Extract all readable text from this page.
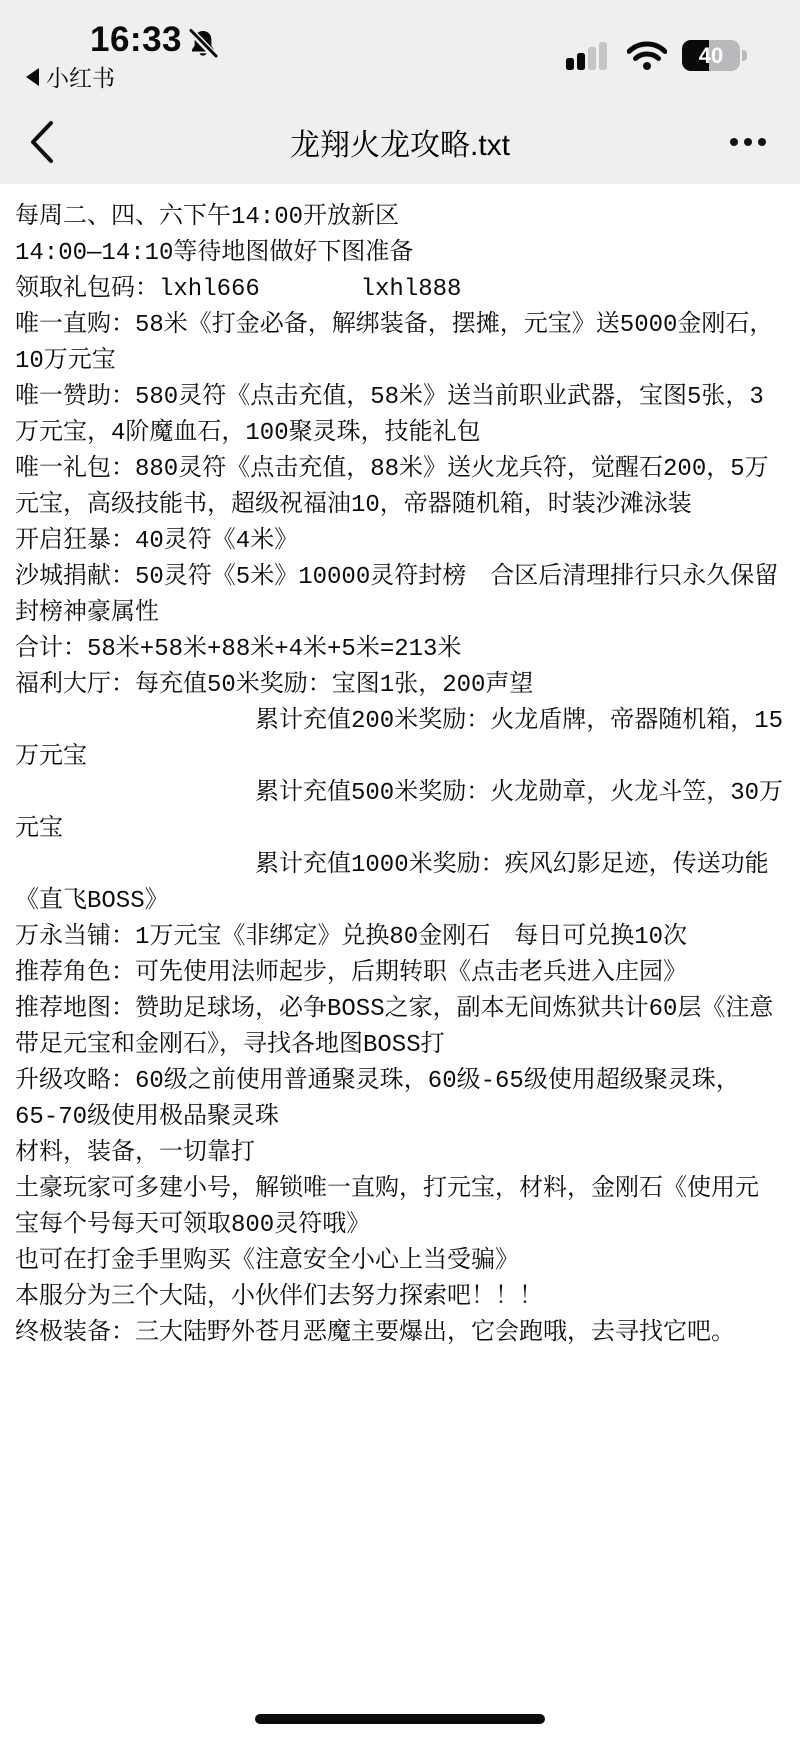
16:33
小红书
40
龙翔火龙攻略.txt
每周二、四、六下午14:00开放新区
14:00—14:10等待地图做好下图准备
领取礼包码：lxhl666       lxhl888
唯一直购：58米《打金必备，解绑装备，摆摊，元宝》送5000金刚石，
10万元宝
唯一赞助：580灵符《点击充值，58米》送当前职业武器，宝图5张，3
万元宝，4阶魔血石，100聚灵珠，技能礼包
唯一礼包：880灵符《点击充值，88米》送火龙兵符，觉醒石200，5万
元宝，高级技能书，超级祝福油10，帝器随机箱，时装沙滩泳装
开启狂暴：40灵符《4米》
沙城捐献：50灵符《5米》10000灵符封榜　合区后清理排行只永久保留
封榜神豪属性
合计：58米+58米+88米+4米+5米=213米
福利大厅：每充值50米奖励：宝图1张，200声望
　　　　　　　　　　累计充值200米奖励：火龙盾牌，帝器随机箱，15
万元宝
　　　　　　　　　　累计充值500米奖励：火龙勋章，火龙斗笠，30万
元宝
　　　　　　　　　　累计充值1000米奖励：疾风幻影足迹，传送功能
《直飞BOSS》
万永当铺：1万元宝《非绑定》兑换80金刚石　每日可兑换10次
推荐角色：可先使用法师起步，后期转职《点击老兵进入庄园》
推荐地图：赞助足球场，必争BOSS之家，副本无间炼狱共计60层《注意
带足元宝和金刚石》，寻找各地图BOSS打
升级攻略：60级之前使用普通聚灵珠，60级-65级使用超级聚灵珠，
65-70级使用极品聚灵珠
材料，装备，一切靠打
土豪玩家可多建小号，解锁唯一直购，打元宝，材料，金刚石《使用元
宝每个号每天可领取800灵符哦》
也可在打金手里购买《注意安全小心上当受骗》
本服分为三个大陆，小伙伴们去努力探索吧！！！
终极装备：三大陆野外苍月恶魔主要爆出，它会跑哦，去寻找它吧。
